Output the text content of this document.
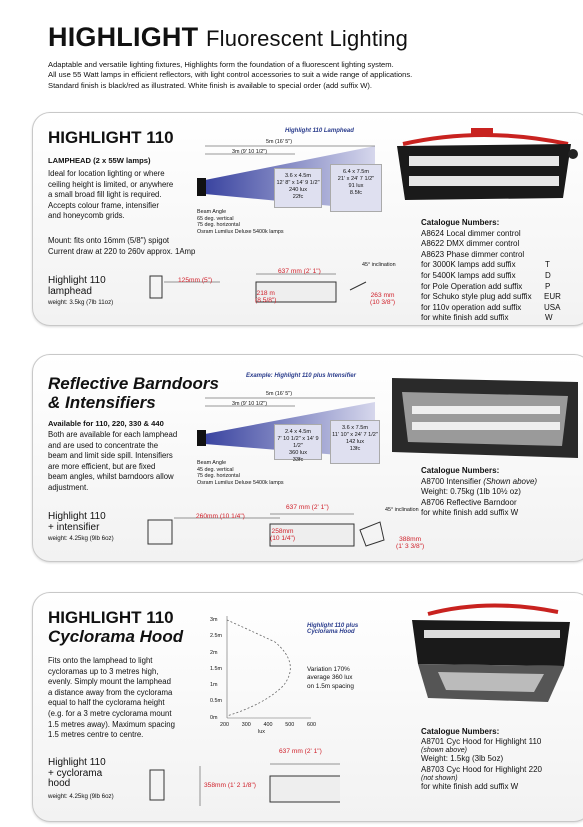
HIGHLIGHT Fluorescent Lighting
Adaptable and versatile lighting fixtures, Highlights form the foundation of a fluorescent lighting system.
All use 55 Watt lamps in efficient reflectors, with light control accessories to suit a wide range of applications.
Standard finish is black/red as illustrated. White finish is available to special order (add suffix W).
HIGHLIGHT 110
LAMPHEAD (2 x 55W lamps)
Ideal for location lighting or where
ceiling height is limited, or anywhere
a small broad fill light is required.
Accepts colour frame, intensifier
and honeycomb grids.
Mount: fits onto 16mm (5/8") spigot
Current draw at 220 to 260v approx. 1Amp
Highlight 110 Lamphead
5m (16' 5")
3m (9' 10 1/2")
3.6 x 4.5m
12' 8" x 14' 9 1/2"
240 lux
22fc
6.4 x 7.5m
21' x 24' 7 1/2"
91 lux
8.5fc
Beam Angle
65 deg. vertical
75 deg. horizontal
Osram Lumilux Deluxe 5400k lamps
Catalogue Numbers:
A8624 Local dimmer control
A8622 DMX dimmer control
A8623 Phase dimmer control
for 3000K lamps add suffix	T
for 5400K lamps add suffix	D
for Pole Operation add suffix	P
for Schuko style plug add suffix EUR
for 110v operation add suffix	USA
for white finish add suffix	W
Highlight 110
lamphead
weight: 3.5kg (7lb 11oz)
125mm (5")
637 mm (2' 1")
218 m
(8 5/8")
45° inclination
263 mm
(10 3/8")
Reflective Barndoors
& Intensifiers
Example: Highlight 110 plus Intensifier
Available for 110, 220, 330 & 440
Both are available for each lamphead
and are used to concentrate the
beam and limit side spill. Intensifiers
are more efficient, but are fixed
beam angles, whilst barndoors allow
adjustment.
5m (16' 5")
3m (9' 10 1/2")
2.4 x 4.5m
7' 10 1/2" x 14' 9 1/2"
360 lux
33fc
3.6 x 7.5m
11' 10" x 24' 7 1/2"
142 lux
13fc
Beam Angle
45 deg. vertical
75 deg. horizontal
Osram Lumilux Deluxe 5400k lamps
Catalogue Numbers:
A8700 Intensifier (Shown above)
Weight: 0.75kg (1lb 10½ oz)
A8706 Reflective Barndoor
for white finish add suffix W
Highlight 110
+ intensifier
weight: 4.25kg (9lb 6oz)
260mm (10 1/4")
637 mm (2' 1")
258mm
(10 1/4")
45° inclination
388mm
(1' 3 3/8")
HIGHLIGHT 110
Cyclorama Hood
Highlight 110 plus
Cyclorama Hood
Fits onto the lamphead to light
cycloramas up to 3 metres high,
evenly. Simply mount the lamphead
a distance away from the cyclorama
equal to half the cyclorama height
(e.g. for a 3 metre cyclorama mount
1.5 metres away). Maximum spacing
1.5 metres centre to centre.
3m
2.5m
2m
1.5m
1m
0.5m
0m
200 300 400 500 600
lux
Variation 170%
average 360 lux
on 1.5m spacing
Catalogue Numbers:
A8701 Cyc Hood for Highlight 110
(shown above)
Weight: 1.5kg (3lb 5oz)
A8703 Cyc Hood for Highlight 220
(not shown)
for white finish add suffix W
Highlight 110
+ cyclorama
hood
weight: 4.25kg (9lb 6oz)
637 mm (2' 1")
358mm (1' 2 1/8")
